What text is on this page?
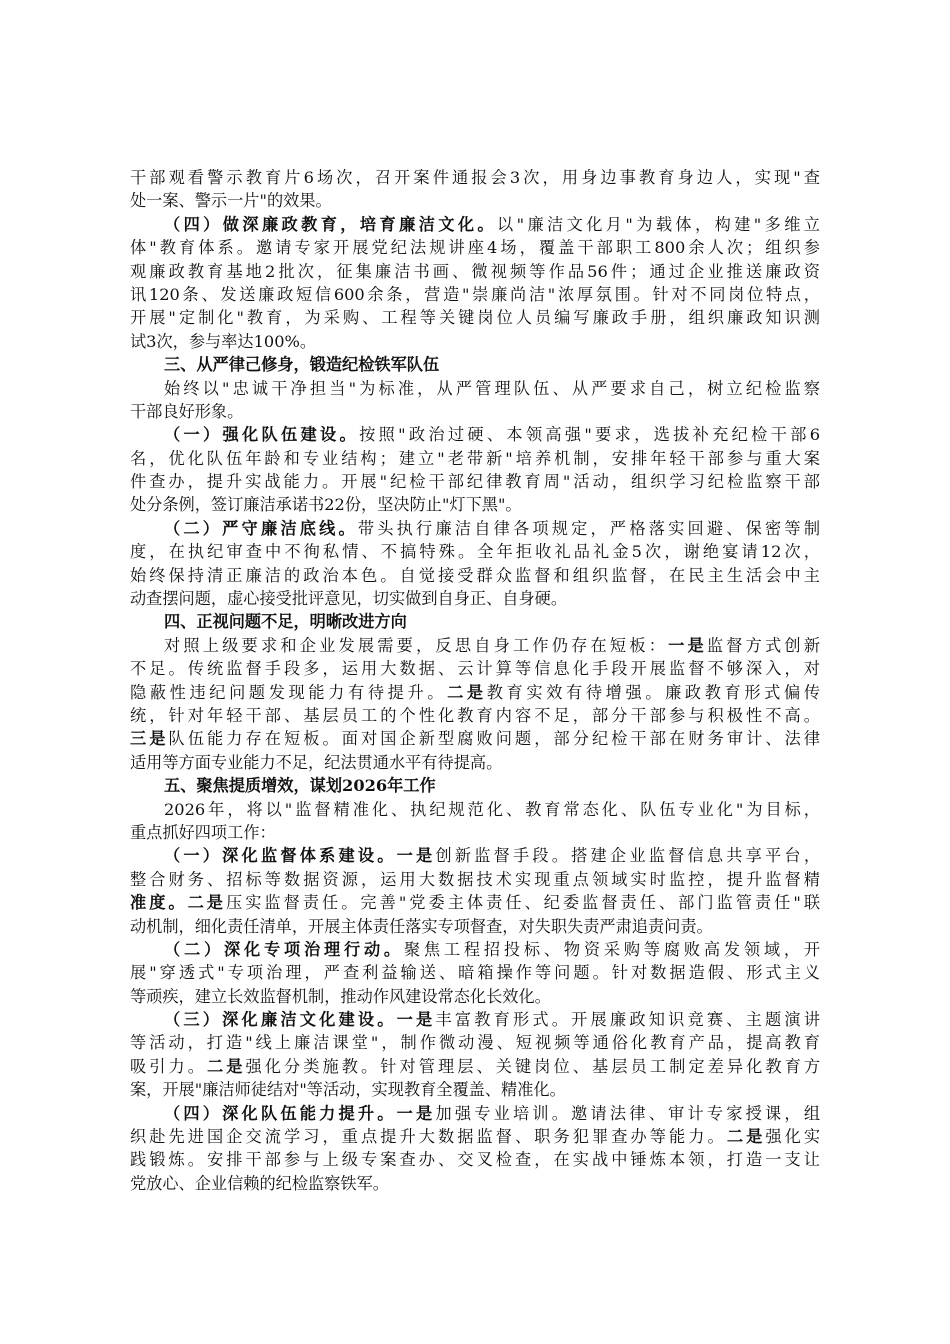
干部观看警示教育片6场次，召开案件通报会3次，用身边事教育身边人，实现"查
处一案、警示一片"的效果。
（四）做深廉政教育，培育廉洁文化。以"廉洁文化月"为载体，构建"多维立
体"教育体系。邀请专家开展党纪法规讲座4场，覆盖干部职工800余人次；组织参
观廉政教育基地2批次，征集廉洁书画、微视频等作品56件；通过企业推送廉政资
讯120条、发送廉政短信600余条，营造"崇廉尚洁"浓厚氛围。针对不同岗位特点，
开展"定制化"教育，为采购、工程等关键岗位人员编写廉政手册，组织廉政知识测
试3次，参与率达100%。
三、从严律己修身，锻造纪检铁军队伍
始终以"忠诚干净担当"为标准，从严管理队伍、从严要求自己，树立纪检监察
干部良好形象。
（一）强化队伍建设。按照"政治过硬、本领高强"要求，选拔补充纪检干部6
名，优化队伍年龄和专业结构；建立"老带新"培养机制，安排年轻干部参与重大案
件查办，提升实战能力。开展"纪检干部纪律教育周"活动，组织学习纪检监察干部
处分条例，签订廉洁承诺书22份，坚决防止"灯下黑"。
（二）严守廉洁底线。带头执行廉洁自律各项规定，严格落实回避、保密等制
度，在执纪审查中不徇私情、不搞特殊。全年拒收礼品礼金5次，谢绝宴请12次，
始终保持清正廉洁的政治本色。自觉接受群众监督和组织监督，在民主生活会中主
动查摆问题，虚心接受批评意见，切实做到自身正、自身硬。
四、正视问题不足，明晰改进方向
对照上级要求和企业发展需要，反思自身工作仍存在短板：一是监督方式创新
不足。传统监督手段多，运用大数据、云计算等信息化手段开展监督不够深入，对
隐蔽性违纪问题发现能力有待提升。二是教育实效有待增强。廉政教育形式偏传
统，针对年轻干部、基层员工的个性化教育内容不足，部分干部参与积极性不高。
三是队伍能力存在短板。面对国企新型腐败问题，部分纪检干部在财务审计、法律
适用等方面专业能力不足，纪法贯通水平有待提高。
五、聚焦提质增效，谋划2026年工作
2026年，将以"监督精准化、执纪规范化、教育常态化、队伍专业化"为目标，
重点抓好四项工作：
（一）深化监督体系建设。一是创新监督手段。搭建企业监督信息共享平台，
整合财务、招标等数据资源，运用大数据技术实现重点领域实时监控，提升监督精
准度。二是压实监督责任。完善"党委主体责任、纪委监督责任、部门监管责任"联
动机制，细化责任清单，开展主体责任落实专项督查，对失职失责严肃追责问责。
（二）深化专项治理行动。聚焦工程招投标、物资采购等腐败高发领域，开
展"穿透式"专项治理，严查利益输送、暗箱操作等问题。针对数据造假、形式主义
等顽疾，建立长效监督机制，推动作风建设常态化长效化。
（三）深化廉洁文化建设。一是丰富教育形式。开展廉政知识竞赛、主题演讲
等活动，打造"线上廉洁课堂"，制作微动漫、短视频等通俗化教育产品，提高教育
吸引力。二是强化分类施教。针对管理层、关键岗位、基层员工制定差异化教育方
案，开展"廉洁师徒结对"等活动，实现教育全覆盖、精准化。
（四）深化队伍能力提升。一是加强专业培训。邀请法律、审计专家授课，组
织赴先进国企交流学习，重点提升大数据监督、职务犯罪查办等能力。二是强化实
践锻炼。安排干部参与上级专案查办、交叉检查，在实战中锤炼本领，打造一支让
党放心、企业信赖的纪检监察铁军。
